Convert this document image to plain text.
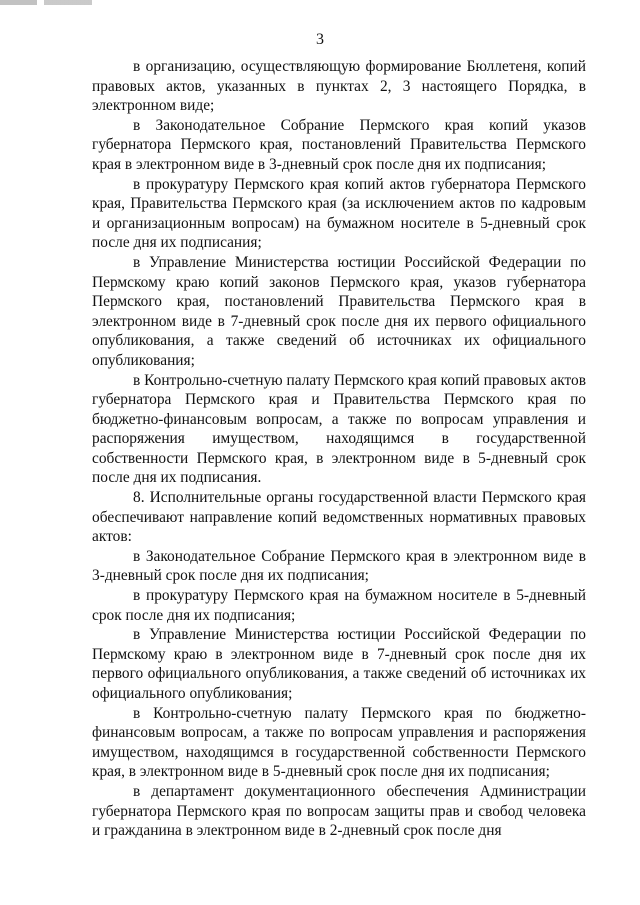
3

в организацию, осуществляющую формирование Бюллетеня, копий правовых актов, указанных в пунктах 2, 3 настоящего Порядка, в электронном виде;

в Законодательное Собрание Пермского края копий указов губернатора Пермского края, постановлений Правительства Пермского края в электронном виде в 3-дневный срок после дня их подписания;

в прокуратуру Пермского края копий актов губернатора Пермского края, Правительства Пермского края (за исключением актов по кадровым и организационным вопросам) на бумажном носителе в 5-дневный срок после дня их подписания;

в Управление Министерства юстиции Российской Федерации по Пермскому краю копий законов Пермского края, указов губернатора Пермского края, постановлений Правительства Пермского края в электронном виде в 7-дневный срок после дня их первого официального опубликования, а также сведений об источниках их официального опубликования;

в Контрольно-счетную палату Пермского края копий правовых актов губернатора Пермского края и Правительства Пермского края по бюджетно-финансовым вопросам, а также по вопросам управления и распоряжения имуществом, находящимся в государственной собственности Пермского края, в электронном виде в 5-дневный срок после дня их подписания.

8. Исполнительные органы государственной власти Пермского края обеспечивают направление копий ведомственных нормативных правовых актов:

в Законодательное Собрание Пермского края в электронном виде в 3-дневный срок после дня их подписания;

в прокуратуру Пермского края на бумажном носителе в 5-дневный срок после дня их подписания;

в Управление Министерства юстиции Российской Федерации по Пермскому краю в электронном виде в 7-дневный срок после дня их первого официального опубликования, а также сведений об источниках их официального опубликования;

в Контрольно-счетную палату Пермского края по бюджетно-финансовым вопросам, а также по вопросам управления и распоряжения имуществом, находящимся в государственной собственности Пермского края, в электронном виде в 5-дневный срок после дня их подписания;

в департамент документационного обеспечения Администрации губернатора Пермского края по вопросам защиты прав и свобод человека и гражданина в электронном виде в 2-дневный срок после дня
